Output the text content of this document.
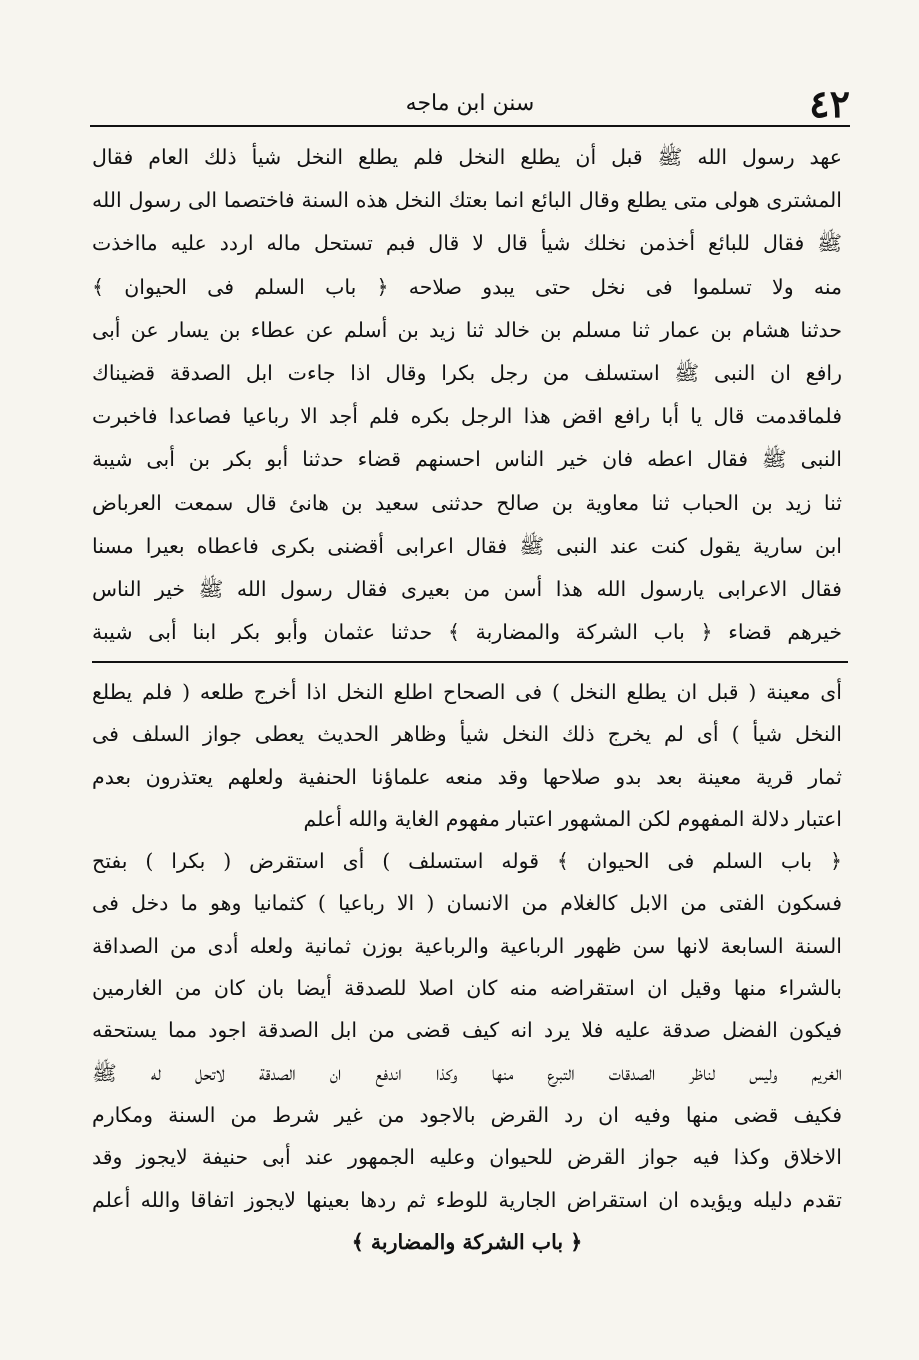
٤٢
سنن ابن ماجه
عهد رسول الله ﷺ قبل أن يطلع النخل فلم يطلع النخل شيأ ذلك العام فقال
المشترى هولى متى يطلع وقال البائع انما بعتك النخل هذه السنة فاختصما الى رسول الله
ﷺ فقال للبائع أخذمن نخلك شيأ قال لا قال فبم تستحل ماله اردد عليه مااخذت
منه ولا تسلموا فى نخل حتى يبدو صلاحه ﴿ باب السلم فى الحيوان ﴾
حدثنا هشام بن عمار ثنا مسلم بن خالد ثنا زيد بن أسلم عن عطاء بن يسار عن أبى
رافع ان النبى ﷺ استسلف من رجل بكرا وقال اذا جاءت ابل الصدقة قضيناك
فلماقدمت قال يا أبا رافع اقض هذا الرجل بكره فلم أجد الا رباعيا فصاعدا فاخبرت
النبى ﷺ فقال اعطه فان خير الناس احسنهم قضاء حدثنا أبو بكر بن أبى شيبة
ثنا زيد بن الحباب ثنا معاوية بن صالح حدثنى سعيد بن هانئ قال سمعت العرباض
ابن سارية يقول كنت عند النبى ﷺ فقال اعرابى أقضنى بكرى فاعطاه بعيرا مسنا
فقال الاعرابى يارسول الله هذا أسن من بعيرى فقال رسول الله ﷺ خير الناس
خيرهم قضاء ﴿ باب الشركة والمضاربة ﴾ حدثنا عثمان وأبو بكر ابنا أبى شيبة
أى معينة ( قبل ان يطلع النخل ) فى الصحاح اطلع النخل اذا أخرج طلعه ( فلم يطلع
النخل شيأ ) أى لم يخرج ذلك النخل شيأ وظاهر الحديث يعطى جواز السلف فى
ثمار قرية معينة بعد بدو صلاحها وقد منعه علماؤنا الحنفية ولعلهم يعتذرون بعدم
اعتبار دلالة المفهوم لكن المشهور اعتبار مفهوم الغاية والله أعلم
﴿ باب السلم فى الحيوان ﴾ قوله استسلف ) أى استقرض ( بكرا ) بفتح
فسكون الفتى من الابل كالغلام من الانسان ( الا رباعيا ) كثمانيا وهو ما دخل فى
السنة السابعة لانها سن ظهور الرباعية والرباعية بوزن ثمانية ولعله أدى من الصداقة
بالشراء منها وقيل ان استقراضه منه كان اصلا للصدقة أيضا بان كان من الغارمين
فيكون الفضل صدقة عليه فلا يرد انه كيف قضى من ابل الصدقة اجود مما يستحقه
الغريم وليس لناظر الصدقات التبرع منها وكذا اندفع ان الصدقة لاتحل له ﷺ
فكيف قضى منها وفيه ان رد القرض بالاجود من غير شرط من السنة ومكارم
الاخلاق وكذا فيه جواز القرض للحيوان وعليه الجمهور عند أبى حنيفة لايجوز وقد
تقدم دليله ويؤيده ان استقراض الجارية للوطء ثم ردها بعينها لايجوز اتفاقا والله أعلم
﴿ باب الشركة والمضاربة ﴾
